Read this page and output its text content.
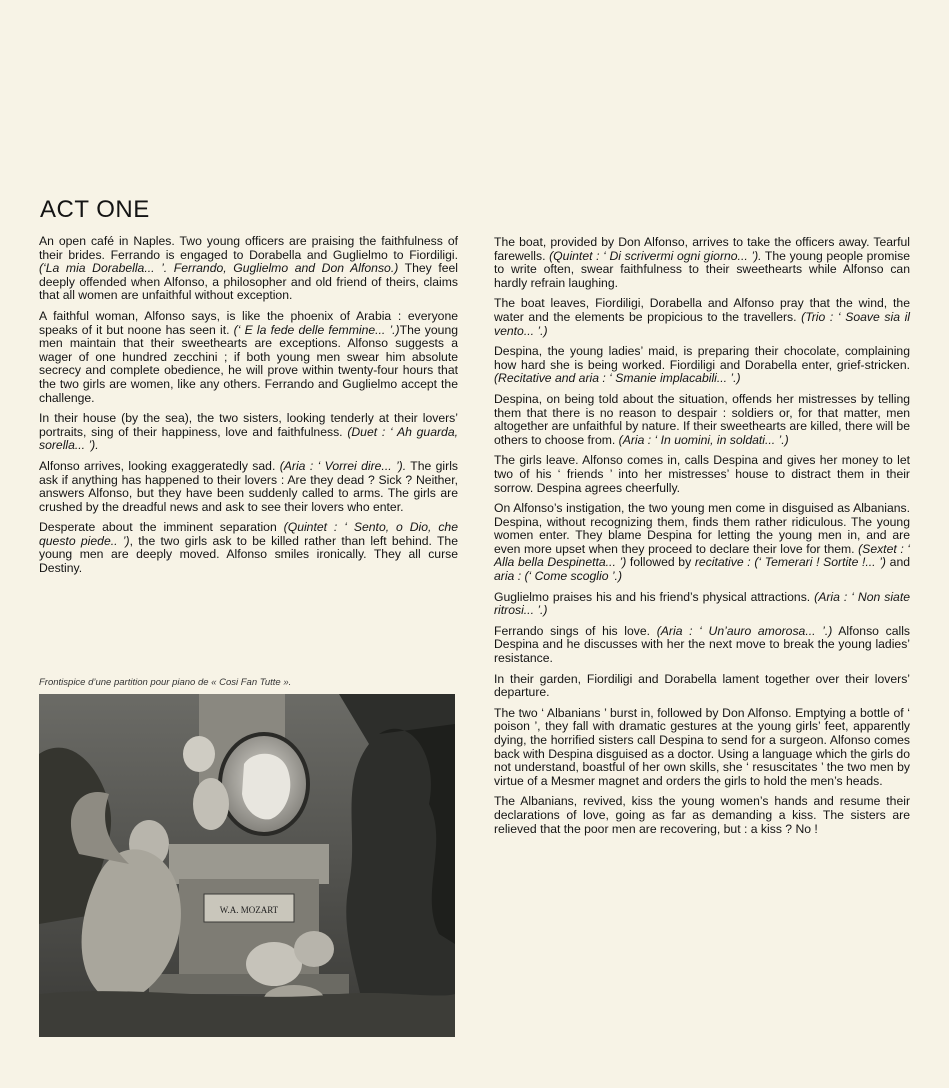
ACT ONE

An open café in Naples. Two young officers are praising the faithfulness of their brides. Ferrando is engaged to Dorabella and Guglielmo to Fiordiligi. (‘La mia Dorabella... ’. Ferrando, Guglielmo and Don Alfonso.) They feel deeply offended when Alfonso, a philosopher and old friend of theirs, claims that all women are unfaithful without exception.

A faithful woman, Alfonso says, is like the phoenix of Arabia : everyone speaks of it but noone has seen it. (‘ E la fede delle femmine... ’.)The young men maintain that their sweethearts are exceptions. Alfonso suggests a wager of one hundred zecchini ; if both young men swear him absolute secrecy and complete obedience, he will prove within twenty-four hours that the two girls are women, like any others. Ferrando and Guglielmo accept the challenge.

In their house (by the sea), the two sisters, looking tenderly at their lovers’ portraits, sing of their happiness, love and faithfulness. (Duet : ‘ Ah guarda, sorella... ’).

Alfonso arrives, looking exaggeratedly sad. (Aria : ‘ Vorrei dire... ’). The girls ask if anything has happened to their lovers : Are they dead ? Sick ? Neither, answers Alfonso, but they have been suddenly called to arms. The girls are crushed by the dreadful news and ask to see their lovers who enter.

Desperate about the imminent separation (Quintet : ‘ Sento, o Dio, che questo piede.. ’), the two girls ask to be killed rather than left behind. The young men are deeply moved. Alfonso smiles ironically. They all curse Destiny.

Frontispice d’une partition pour piano de « Cosi Fan Tutte ».
W.A. MOZART

The boat, provided by Don Alfonso, arrives to take the officers away. Tearful farewells. (Quintet : ‘ Di scrivermi ogni giorno... ’). The young people promise to write often, swear faithfulness to their sweethearts while Alfonso can hardly refrain laughing.

The boat leaves, Fiordiligi, Dorabella and Alfonso pray that the wind, the water and the elements be propicious to the travellers. (Trio : ‘ Soave sia il vento... ’.)

Despina, the young ladies’ maid, is preparing their chocolate, complaining how hard she is being worked. Fiordiligi and Dorabella enter, grief-stricken. (Recitative and aria : ‘ Smanie implacabili... ’.)

Despina, on being told about the situation, offends her mistresses by telling them that there is no reason to despair : soldiers or, for that matter, men altogether are unfaithful by nature. If their sweethearts are killed, there will be others to choose from. (Aria : ‘ In uomini, in soldati... ’.)

The girls leave. Alfonso comes in, calls Despina and gives her money to let two of his ‘ friends ’ into her mistresses’ house to distract them in their sorrow. Despina agrees cheerfully.

On Alfonso’s instigation, the two young men come in disguised as Albanians. Despina, without recognizing them, finds them rather ridiculous. The young women enter. They blame Despina for letting the young men in, and are even more upset when they proceed to declare their love for them. (Sextet : ‘ Alla bella Despinetta... ’) followed by recitative : (‘ Temerari ! Sortite !... ’) and aria : (‘ Come scoglio ’.)

Guglielmo praises his and his friend’s physical attractions. (Aria : ‘ Non siate ritrosi... ’.)

Ferrando sings of his love. (Aria : ‘ Un’auro amorosa... ’.) Alfonso calls Despina and he discusses with her the next move to break the young ladies’ resistance.

In their garden, Fiordiligi and Dorabella lament together over their lovers’ departure.

The two ‘ Albanians ’ burst in, followed by Don Alfonso. Emptying a bottle of ‘ poison ’, they fall with dramatic gestures at the young girls’ feet, apparently dying, the horrified sisters call Despina to send for a surgeon. Alfonso comes back with Despina disguised as a doctor. Using a language which the girls do not understand, boastful of her own skills, she ‘ resuscitates ’ the two men by virtue of a Mesmer magnet and orders the girls to hold the men’s heads.

The Albanians, revived, kiss the young women’s hands and resume their declarations of love, going as far as demanding a kiss. The sisters are relieved that the poor men are recovering, but : a kiss ? No !
